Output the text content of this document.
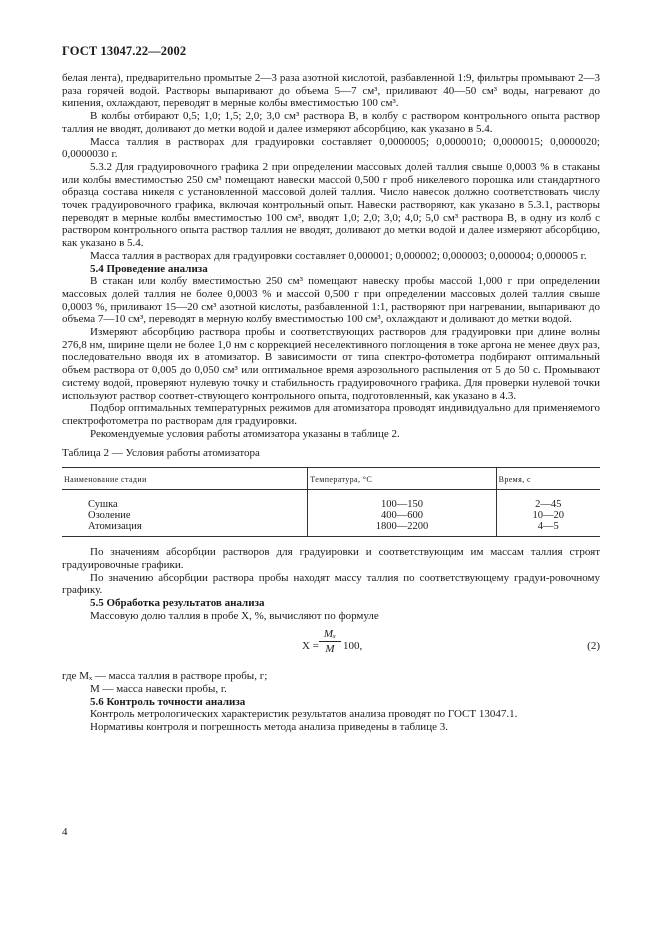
ГОСТ 13047.22—2002

белая лента), предварительно промытые 2—3 раза азотной кислотой, разбавленной 1:9, фильтры промывают 2—3 раза горячей водой. Растворы выпаривают до объема 5—7 см³, приливают 40—50 см³ воды, нагревают до кипения, охлаждают, переводят в мерные колбы вместимостью 100 см³.

В колбы отбирают 0,5; 1,0; 1,5; 2,0; 3,0 см³ раствора В, в колбу с раствором контрольного опыта раствор таллия не вводят, доливают до метки водой и далее измеряют абсорбцию, как указано в 5.4.

Масса таллия в растворах для градуировки составляет 0,0000005; 0,0000010; 0,0000015; 0,0000020; 0,0000030 г.

5.3.2 Для градуировочного графика 2 при определении массовых долей таллия свыше 0,0003 % в стаканы или колбы вместимостью 250 см³ помещают навески массой 0,500 г проб никелевого порошка или стандартного образца состава никеля с установленной массовой долей таллия. Число навесок должно соответствовать числу точек градуировочного графика, включая контрольный опыт. Навески растворяют, как указано в 5.3.1, растворы переводят в мерные колбы вместимостью 100 см³, вводят 1,0; 2,0; 3,0; 4,0; 5,0 см³ раствора В, в одну из колб с раствором контрольного опыта раствор таллия не вводят, доливают до метки водой и далее измеряют абсорбцию, как указано в 5.4.

Масса таллия в растворах для градуировки составляет 0,000001; 0,000002; 0,000003; 0,000004; 0,000005 г.

5.4 Проведение анализа

В стакан или колбу вместимостью 250 см³ помещают навеску пробы массой 1,000 г при определении массовых долей таллия не более 0,0003 % и массой 0,500 г при определении массовых долей таллия свыше 0,0003 %, приливают 15—20 см³ азотной кислоты, разбавленной 1:1, растворяют при нагревании, выпаривают до объема 7—10 см³, переводят в мерную колбу вместимостью 100 см³, охлаждают и доливают до метки водой.

Измеряют абсорбцию раствора пробы и соответствующих растворов для градуировки при длине волны 276,8 нм, ширине щели не более 1,0 нм с коррекцией неселективного поглощения в токе аргона не менее двух раз, последовательно вводя их в атомизатор. В зависимости от типа спектро-фотометра подбирают оптимальный объем раствора от 0,005 до 0,050 см³ или оптимальное время аэрозольного распыления от 5 до 50 с. Промывают систему водой, проверяют нулевую точку и стабильность градуировочного графика. Для проверки нулевой точки используют раствор соответ-ствующего контрольного опыта, подготовленный, как указано в 4.3.

Подбор оптимальных температурных режимов для атомизатора проводят индивидуально для применяемого спектрофотометра по растворам для градуировки.

Рекомендуемые условия работы атомизатора указаны в таблице 2.

Таблица 2 — Условия работы атомизатора

Наименование стадии	Температура, °С	Время, с
Сушка	100—150	2—45
Озоление	400—600	10—20
Атомизация	1800—2200	4—5

По значениям абсорбции растворов для градуировки и соответствующим им массам таллия строят градуировочные графики.

По значению абсорбции раствора пробы находят массу таллия по соответствующему градуи-ровочному графику.

5.5 Обработка результатов анализа

Массовую долю таллия в пробе X, %, вычисляют по формуле

$X = \frac{\text{Mₓ}}{M} 100$,	(2)

где Mₓ — масса таллия в растворе пробы, г;

M — масса навески пробы, г.

5.6 Контроль точности анализа

Контроль метрологических характеристик результатов анализа проводят по ГОСТ 13047.1.

Нормативы контроля и погрешность метода анализа приведены в таблице 3.

4
